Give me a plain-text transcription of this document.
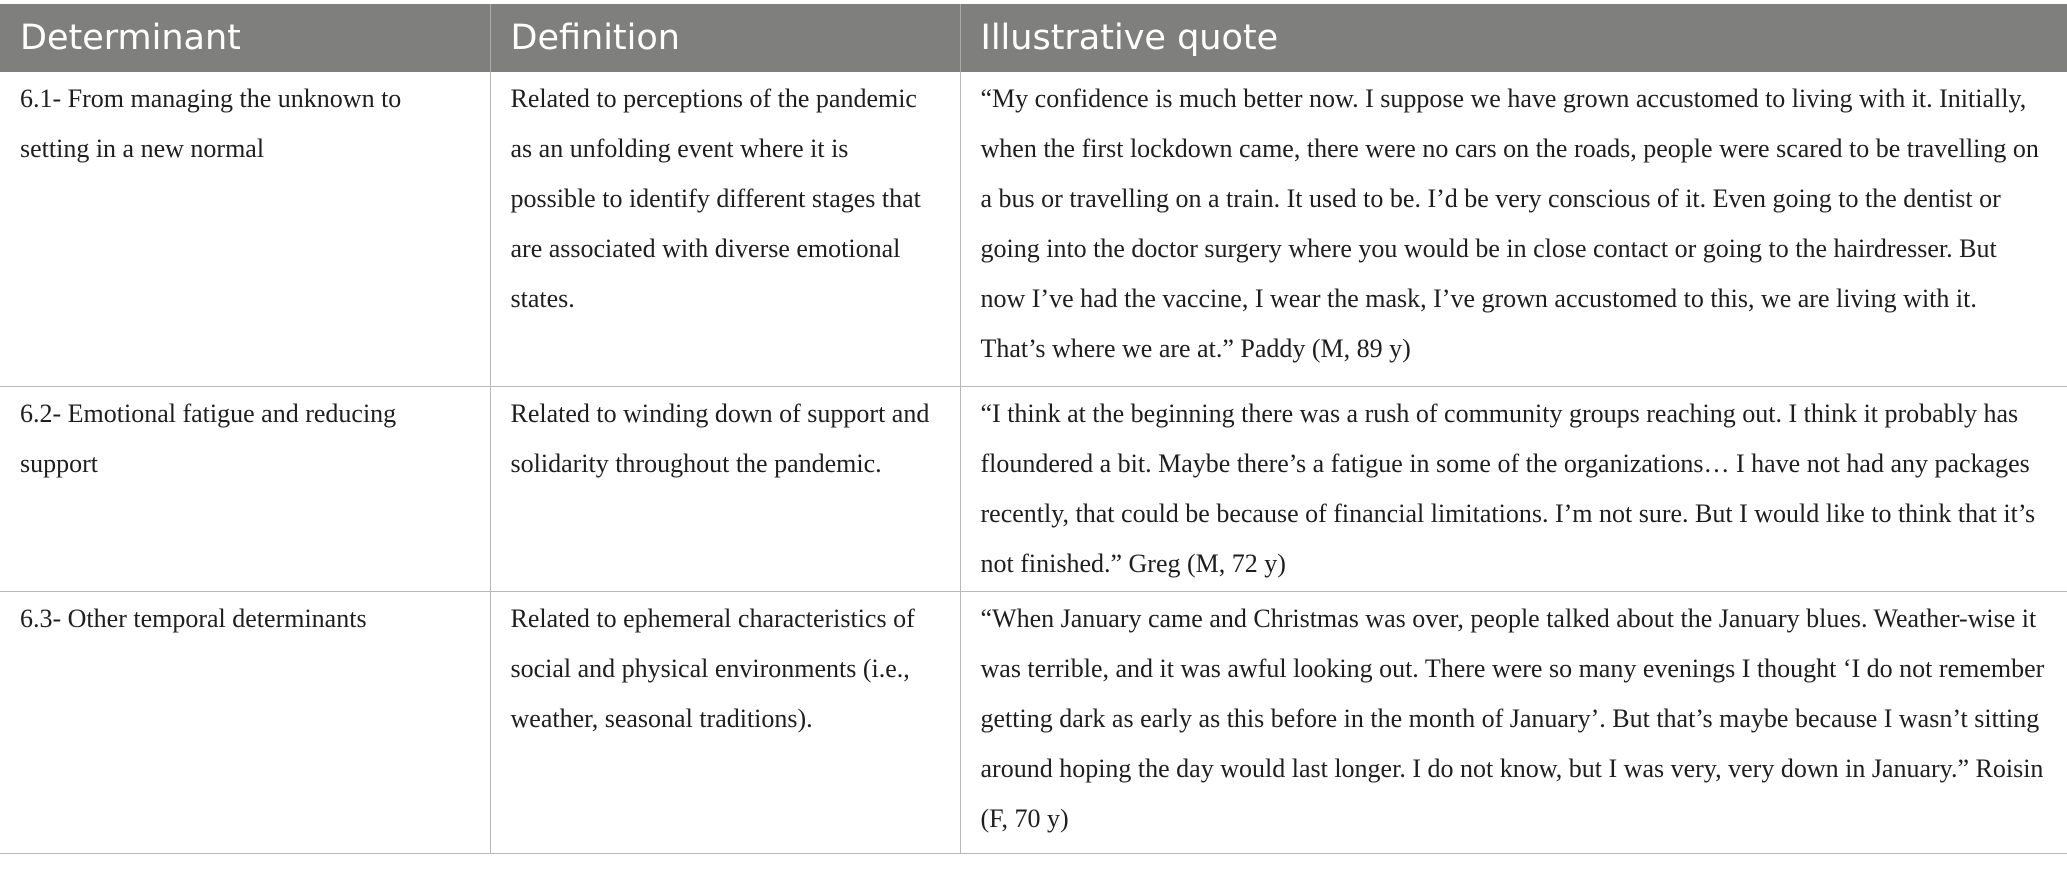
Determinant	Definition	Illustrative quote
6.1- From managing the unknown to setting in a new normal	Related to perceptions of the pandemic as an unfolding event where it is possible to identify different stages that are associated with diverse emotional states.	“My confidence is much better now. I suppose we have grown accustomed to living with it. Initially, when the first lockdown came, there were no cars on the roads, people were scared to be travelling on a bus or travelling on a train. It used to be. I’d be very conscious of it. Even going to the dentist or going into the doctor surgery where you would be in close contact or going to the hairdresser. But now I’ve had the vaccine, I wear the mask, I’ve grown accustomed to this, we are living with it. That’s where we are at.” Paddy (M, 89 y)
6.2- Emotional fatigue and reducing support	Related to winding down of support and solidarity throughout the pandemic.	“I think at the beginning there was a rush of community groups reaching out. I think it probably has floundered a bit. Maybe there’s a fatigue in some of the organizations… I have not had any packages recently, that could be because of financial limitations. I’m not sure. But I would like to think that it’s not finished.” Greg (M, 72 y)
6.3- Other temporal determinants	Related to ephemeral characteristics of social and physical environments (i.e., weather, seasonal traditions).	“When January came and Christmas was over, people talked about the January blues. Weather-wise it was terrible, and it was awful looking out. There were so many evenings I thought ‘I do not remember getting dark as early as this before in the month of January’. But that’s maybe because I wasn’t sitting around hoping the day would last longer. I do not know, but I was very, very down in January.” Roisin (F, 70 y)
